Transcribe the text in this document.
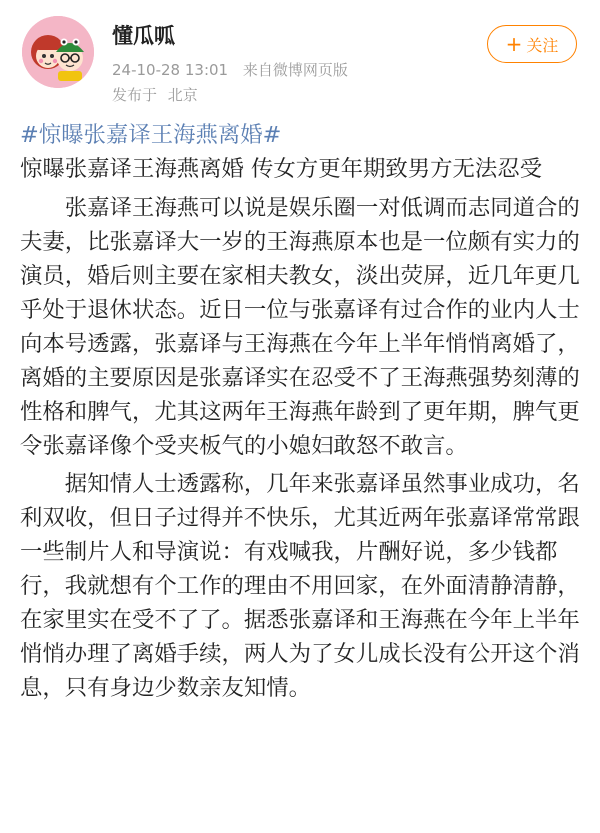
懂瓜呱
24-10-28 13:01 来自微博网页版
发布于 北京
+ 关注
#惊曝张嘉译王海燕离婚#

惊曝张嘉译王海燕离婚 传女方更年期致男方无法忍受

张嘉译王海燕可以说是娱乐圈一对低调而志同道合的夫妻，比张嘉译大一岁的王海燕原本也是一位颇有实力的演员，婚后则主要在家相夫教女，淡出荧屏，近几年更几乎处于退休状态。近日一位与张嘉译有过合作的业内人士向本号透露，张嘉译与王海燕在今年上半年悄悄离婚了，离婚的主要原因是张嘉译实在忍受不了王海燕强势刻薄的性格和脾气，尤其这两年王海燕年龄到了更年期，脾气更令张嘉译像个受夹板气的小媳妇敢怒不敢言。

据知情人士透露称，几年来张嘉译虽然事业成功，名利双收，但日子过得并不快乐，尤其近两年张嘉译常常跟一些制片人和导演说：有戏喊我，片酬好说，多少钱都行，我就想有个工作的理由不用回家，在外面清静清静，在家里实在受不了了。据悉张嘉译和王海燕在今年上半年悄悄办理了离婚手续，两人为了女儿成长没有公开这个消息，只有身边少数亲友知情。
